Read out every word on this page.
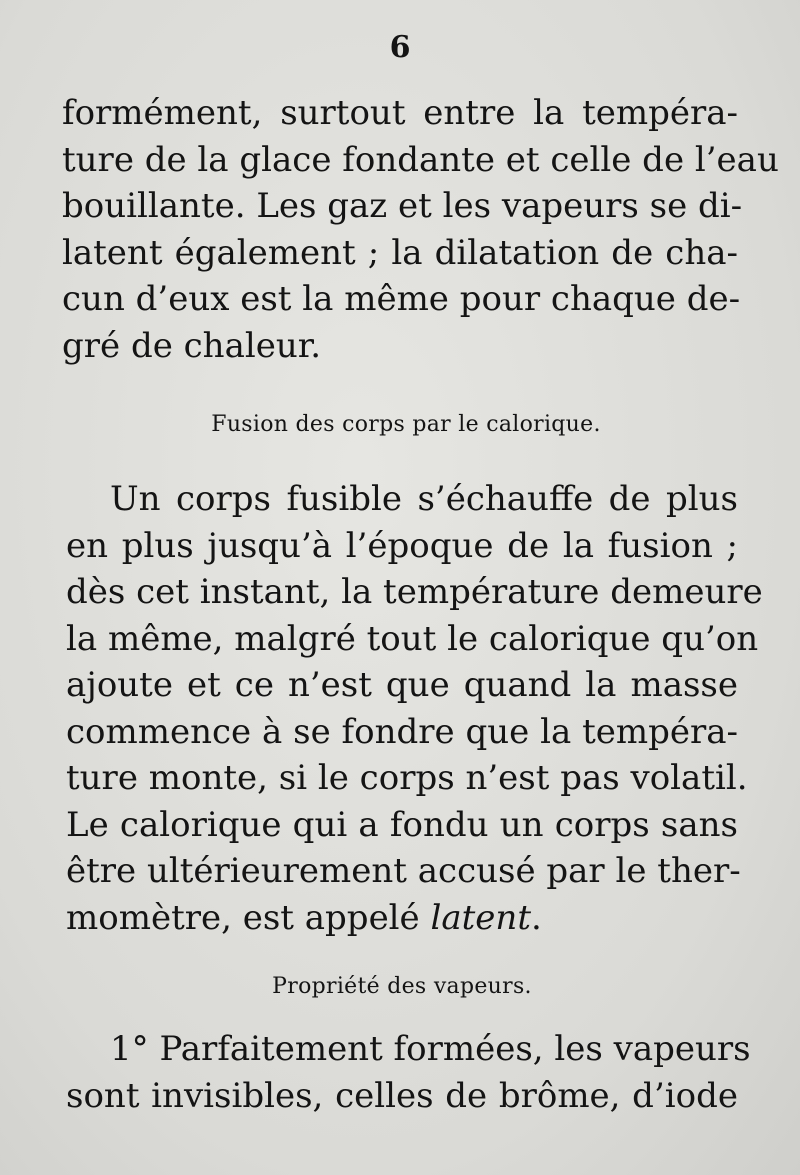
6
formément, surtout entre la tempéra-
ture de la glace fondante et celle de l’eau
bouillante. Les gaz et les vapeurs se di-
latent également ; la dilatation de cha-
cun d’eux est la même pour chaque de-
gré de chaleur.
Fusion des corps par le calorique.
Un corps fusible s’échauffe de plus
en plus jusqu’à l’époque de la fusion ;
dès cet instant, la température demeure
la même, malgré tout le calorique qu’on
ajoute et ce n’est que quand la masse
commence à se fondre que la tempéra-
ture monte, si le corps n’est pas volatil.
Le calorique qui a fondu un corps sans
être ultérieurement accusé par le ther-
momètre, est appelé latent.
Propriété des vapeurs.
1° Parfaitement formées, les vapeurs
sont invisibles, celles de brôme, d’iode
